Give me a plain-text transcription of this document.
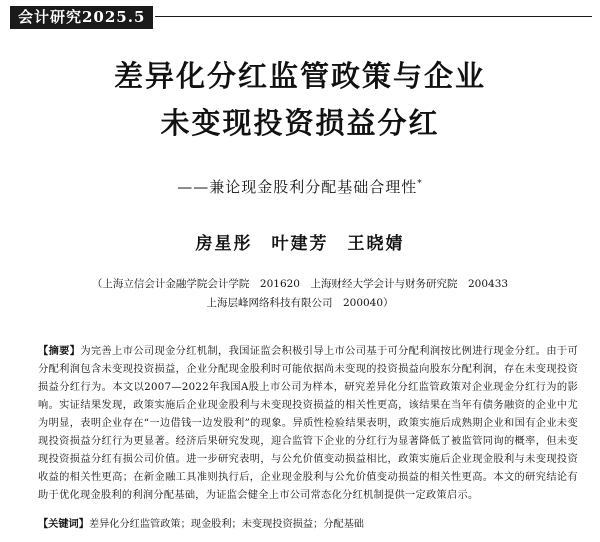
会计研究2025.5
差异化分红监管政策与企业
未变现投资损益分红
——兼论现金股利分配基础合理性*
房星彤　叶建芳　王晓婧
（上海立信会计金融学院会计学院　201620　上海财经大学会计与财务研究院　200433
上海层峰网络科技有限公司　200040）
【摘要】为完善上市公司现金分红机制，我国证监会积极引导上市公司基于可分配利润按比例进行现金分红。由于可分配利润包含未变现投资损益，企业分配现金股利时可能依据尚未变现的投资损益向股东分配利润，存在未变现投资损益分红行为。本文以2007—2022年我国A股上市公司为样本，研究差异化分红监管政策对企业现金分红行为的影响。实证结果发现，政策实施后企业现金股利与未变现投资损益的相关性更高，该结果在当年有债务融资的企业中尤为明显，表明企业存在“一边借钱一边发股利”的现象。异质性检验结果表明，政策实施后成熟期企业和国有企业未变现投资损益分红行为更显著。经济后果研究发现，迎合监管下企业的分红行为显著降低了被监管同询的概率，但未变现投资损益分红有损公司价值。进一步研究表明，与公允价值变动损益相比，政策实施后企业现金股利与未变现投资收益的相关性更高；在新金融工具准则执行后，企业现金股利与公允价值变动损益的相关性更高。本文的研究结论有助于优化现金股利的利润分配基础，为证监会健全上市公司常态化分红机制提供一定政策启示。
【关键词】差异化分红监管政策；现金股利；未变现投资损益；分配基础
